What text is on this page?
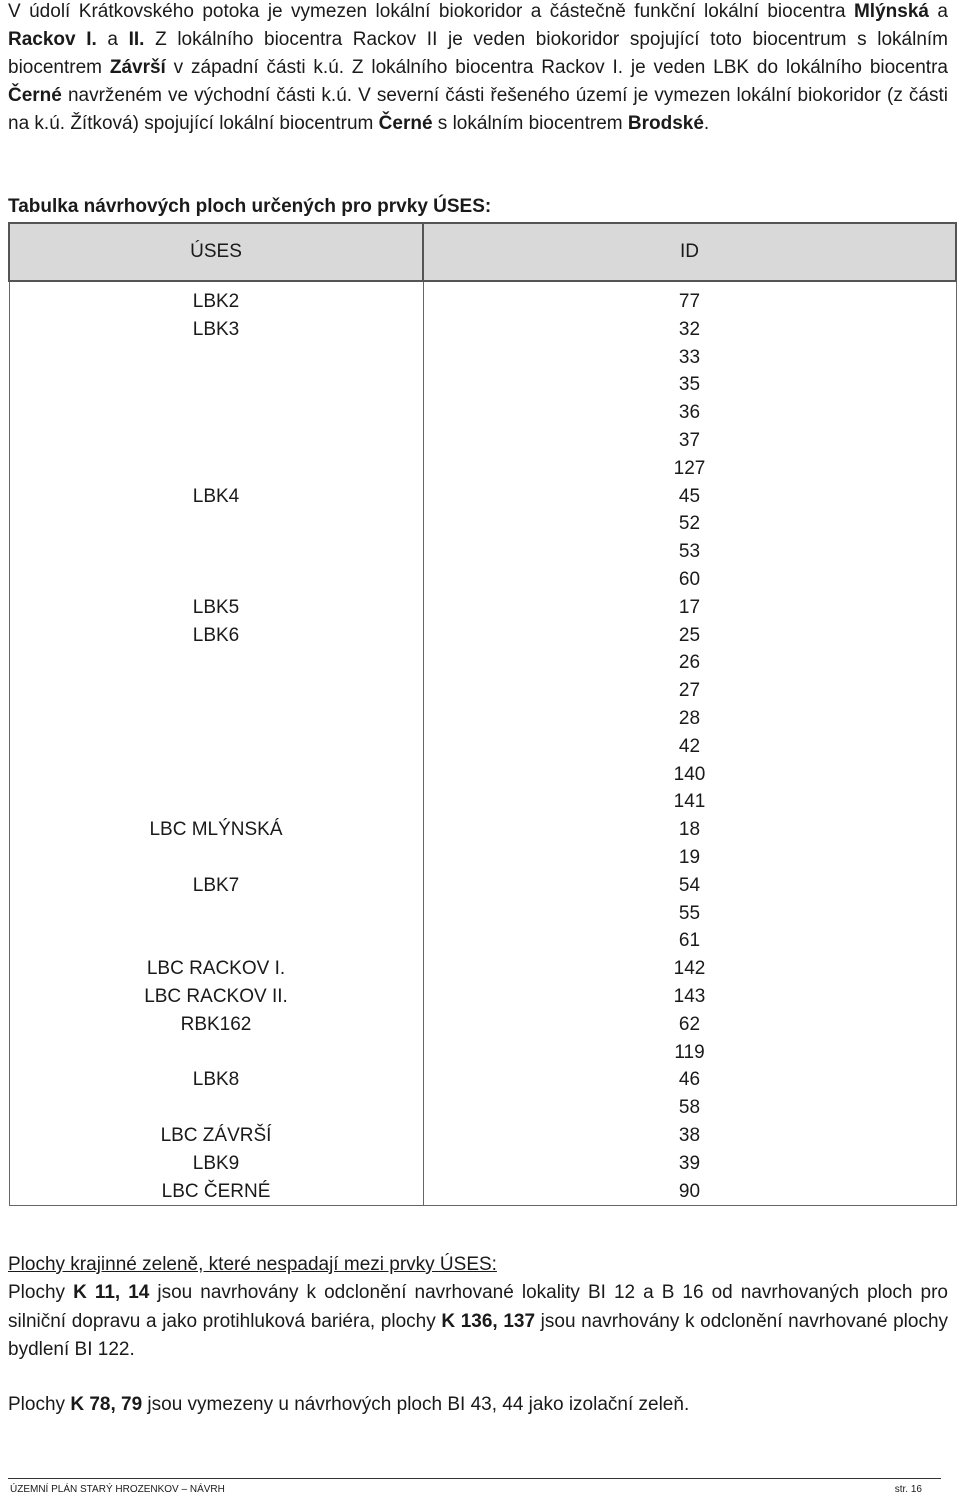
V údolí Krátkovského potoka je vymezen lokální biokoridor a částečně funkční lokální biocentra Mlýnská a Rackov I. a II. Z lokálního biocentra Rackov II je veden biokoridor spojující toto biocentrum s lokálním biocentrem Závrší v západní části k.ú. Z lokálního biocentra Rackov I. je veden LBK do lokálního biocentra Černé navrženém ve východní části k.ú. V severní části řešeného území je vymezen lokální biokoridor (z části na k.ú. Žítková) spojující lokální biocentrum Černé s lokálním biocentrem Brodské.
Tabulka návrhových ploch určených pro prvky ÚSES:
ÚSES	ID

LBK2	77
LBK3	32
	33
	35
	36
	37
	127
LBK4	45
	52
	53
	60
LBK5	17
LBK6	25
	26
	27
	28
	42
	140
	141
LBC MLÝNSKÁ	18
	19
LBK7	54
	55
	61
LBC RACKOV I.	142
LBC RACKOV II.	143
RBK162	62
	119
LBK8	46
	58
LBC ZÁVRŠÍ	38
LBK9	39
LBC ČERNÉ	90
Plochy krajinné zeleně, které nespadají mezi prvky ÚSES:
Plochy K 11, 14 jsou navrhovány k odclonění navrhované lokality BI 12 a B 16 od navrhovaných ploch pro silniční dopravu a jako protihluková bariéra, plochy K 136, 137 jsou navrhovány k odclonění navrhované plochy bydlení BI 122.
Plochy K 78, 79 jsou vymezeny u návrhových ploch BI 43, 44 jako izolační zeleň.
ÚZEMNÍ PLÁN STARÝ HROZENKOV – NÁVRH	str. 16
